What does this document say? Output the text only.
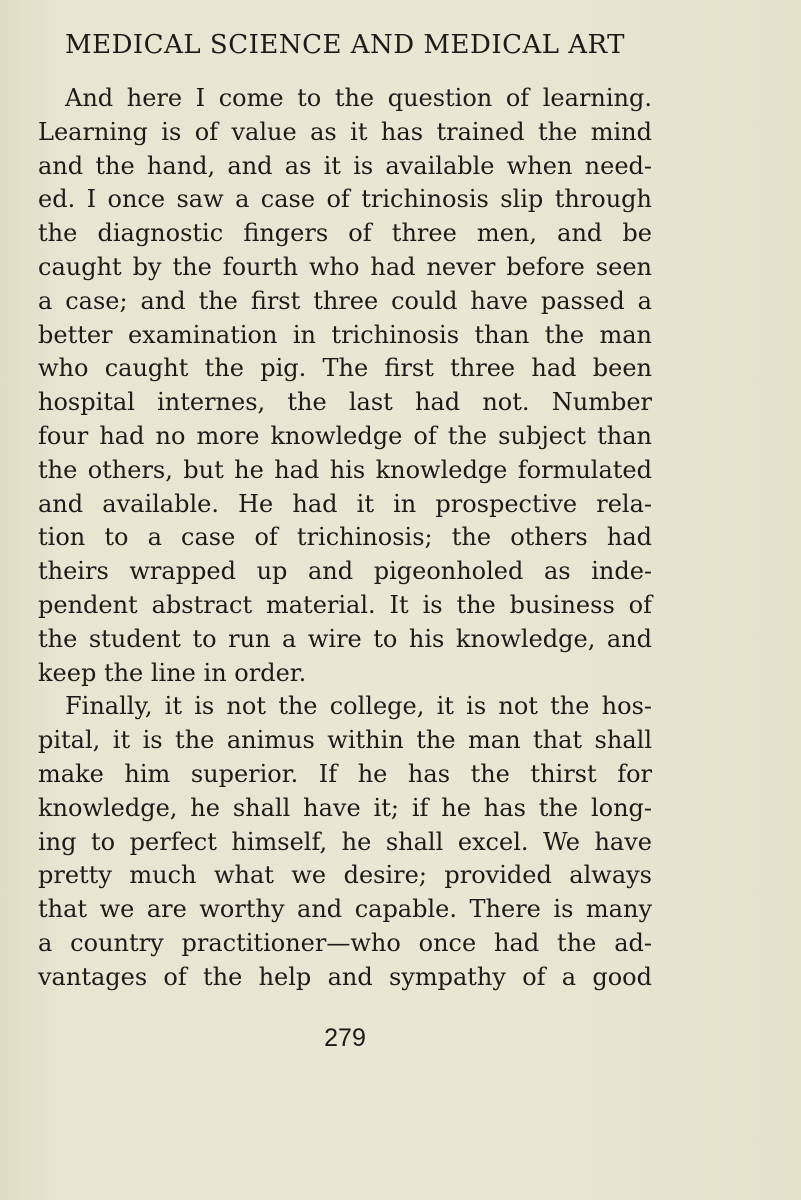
MEDICAL SCIENCE AND MEDICAL ART
And here I come to the question of learning.
Learning is of value as it has trained the mind
and the hand, and as it is available when need-
ed. I once saw a case of trichinosis slip through
the diagnostic fingers of three men, and be
caught by the fourth who had never before seen
a case; and the first three could have passed a
better examination in trichinosis than the man
who caught the pig. The first three had been
hospital internes, the last had not. Number
four had no more knowledge of the subject than
the others, but he had his knowledge formulated
and available. He had it in prospective rela-
tion to a case of trichinosis; the others had
theirs wrapped up and pigeonholed as inde-
pendent abstract material. It is the business of
the student to run a wire to his knowledge, and
keep the line in order.
Finally, it is not the college, it is not the hos-
pital, it is the animus within the man that shall
make him superior. If he has the thirst for
knowledge, he shall have it; if he has the long-
ing to perfect himself, he shall excel. We have
pretty much what we desire; provided always
that we are worthy and capable. There is many
a country practitioner—who once had the ad-
vantages of the help and sympathy of a good
279
